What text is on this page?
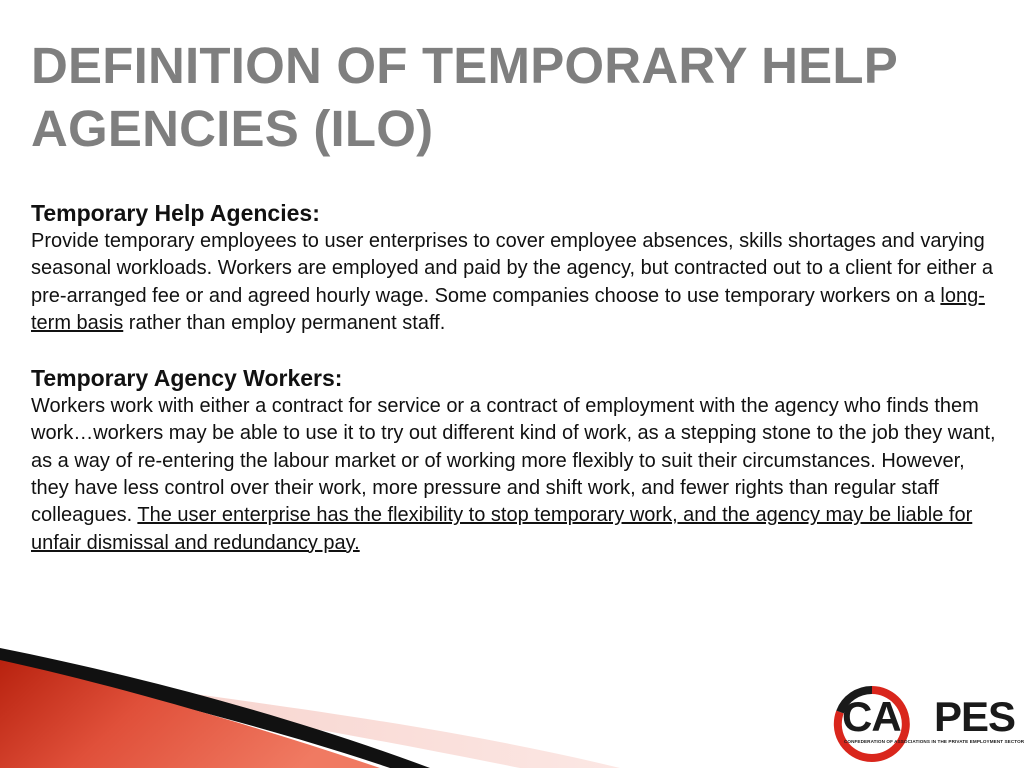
DEFINITION OF TEMPORARY HELP
AGENCIES (ILO)
Temporary Help Agencies:

Provide temporary employees to user enterprises to cover employee absences, skills shortages and varying seasonal workloads. Workers are employed and paid by the agency, but contracted out to a client for either a pre-arranged fee or and agreed hourly wage. Some companies choose to use temporary workers on a long-term basis rather than employ permanent staff.

Temporary Agency Workers:

Workers work with either a contract for service or a contract of employment with the agency who finds them work…workers may be able to use it to try out different kind of work, as a stepping stone to the job they want, as a way of re-entering the labour market or of working more flexibly to suit their circumstances. However, they have less control over their work, more pressure and shift work, and fewer rights than regular staff colleagues. The user enterprise has the flexibility to stop temporary work, and the agency may be liable for unfair dismissal and redundancy pay.

CA PES
CONFEDERATION OF ASSOCIATIONS IN THE PRIVATE EMPLOYMENT SECTOR
